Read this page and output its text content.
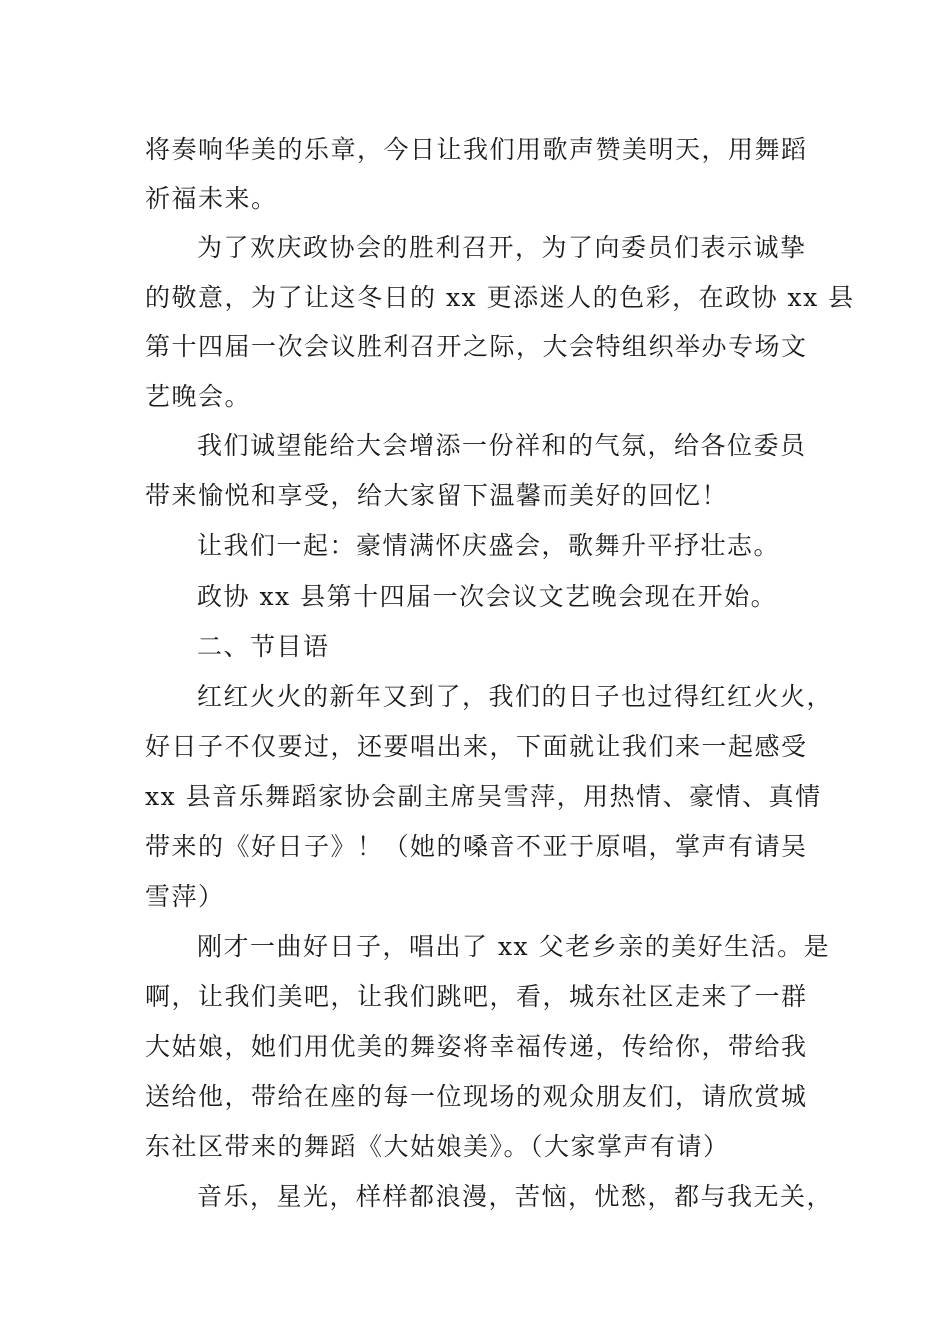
将奏响华美的乐章，今日让我们用歌声赞美明天，用舞蹈
祈福未来。
为了欢庆政协会的胜利召开，为了向委员们表示诚挚
的敬意，为了让这冬日的 xx 更添迷人的色彩，在政协 xx 县
第十四届一次会议胜利召开之际，大会特组织举办专场文
艺晚会。
我们诚望能给大会增添一份祥和的气氛，给各位委员
带来愉悦和享受，给大家留下温馨而美好的回忆！
让我们一起：豪情满怀庆盛会，歌舞升平抒壮志。
政协 xx 县第十四届一次会议文艺晚会现在开始。
二、节目语
红红火火的新年又到了，我们的日子也过得红红火火，
好日子不仅要过，还要唱出来，下面就让我们来一起感受
xx 县音乐舞蹈家协会副主席吴雪萍，用热情、豪情、真情
带来的《好日子》！（她的嗓音不亚于原唱，掌声有请吴
雪萍）
刚才一曲好日子，唱出了 xx 父老乡亲的美好生活。是
啊，让我们美吧，让我们跳吧，看，城东社区走来了一群
大姑娘，她们用优美的舞姿将幸福传递，传给你，带给我
送给他，带给在座的每一位现场的观众朋友们，请欣赏城
东社区带来的舞蹈《大姑娘美》。（大家掌声有请）
音乐，星光，样样都浪漫，苦恼，忧愁，都与我无关，
